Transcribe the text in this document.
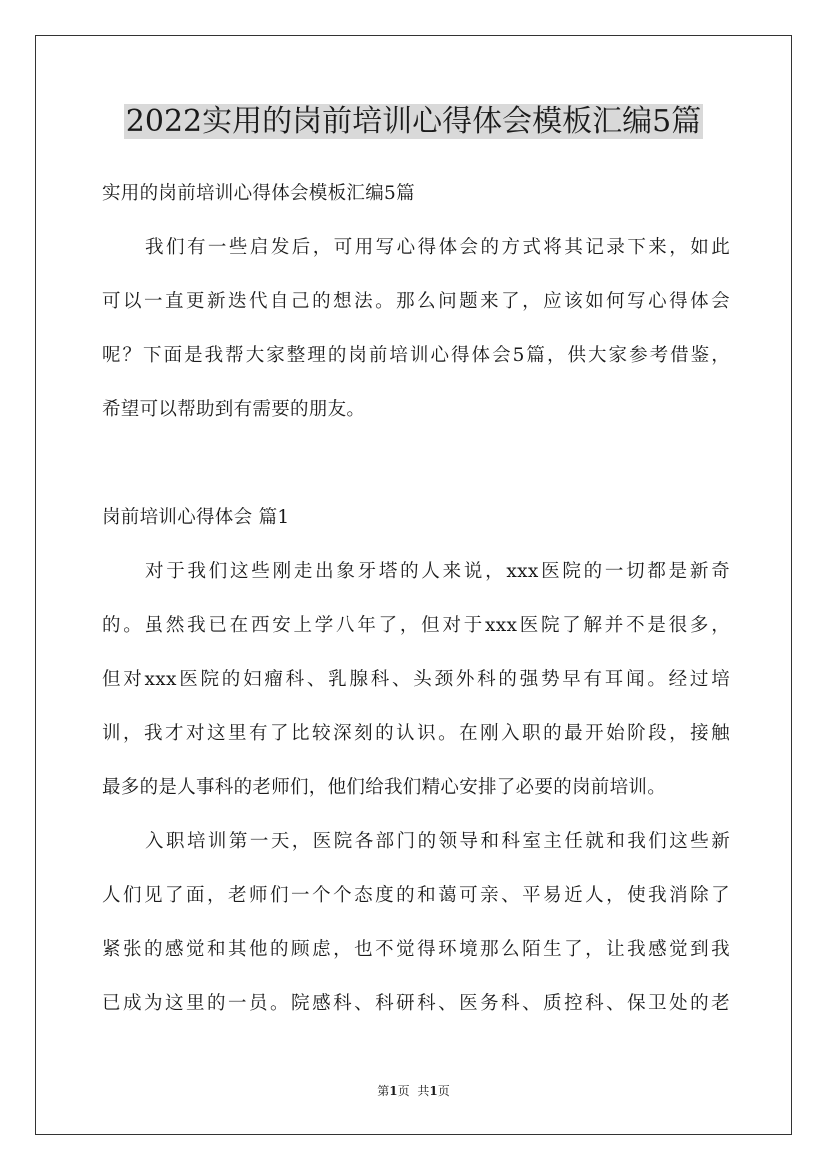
2022实用的岗前培训心得体会模板汇编5篇
实用的岗前培训心得体会模板汇编5篇
我们有一些启发后，可用写心得体会的方式将其记录下来，如此
可以一直更新迭代自己的想法。那么问题来了，应该如何写心得体会
呢？下面是我帮大家整理的岗前培训心得体会5篇，供大家参考借鉴，
希望可以帮助到有需要的朋友。
岗前培训心得体会 篇1
对于我们这些刚走出象牙塔的人来说，xxx医院的一切都是新奇
的。虽然我已在西安上学八年了，但对于xxx医院了解并不是很多，
但对xxx医院的妇瘤科、乳腺科、头颈外科的强势早有耳闻。经过培
训，我才对这里有了比较深刻的认识。在刚入职的最开始阶段，接触
最多的是人事科的老师们，他们给我们精心安排了必要的岗前培训。
入职培训第一天，医院各部门的领导和科室主任就和我们这些新
人们见了面，老师们一个个态度的和蔼可亲、平易近人，使我消除了
紧张的感觉和其他的顾虑，也不觉得环境那么陌生了，让我感觉到我
已成为这里的一员。院感科、科研科、医务科、质控科、保卫处的老
第1页 共1页
